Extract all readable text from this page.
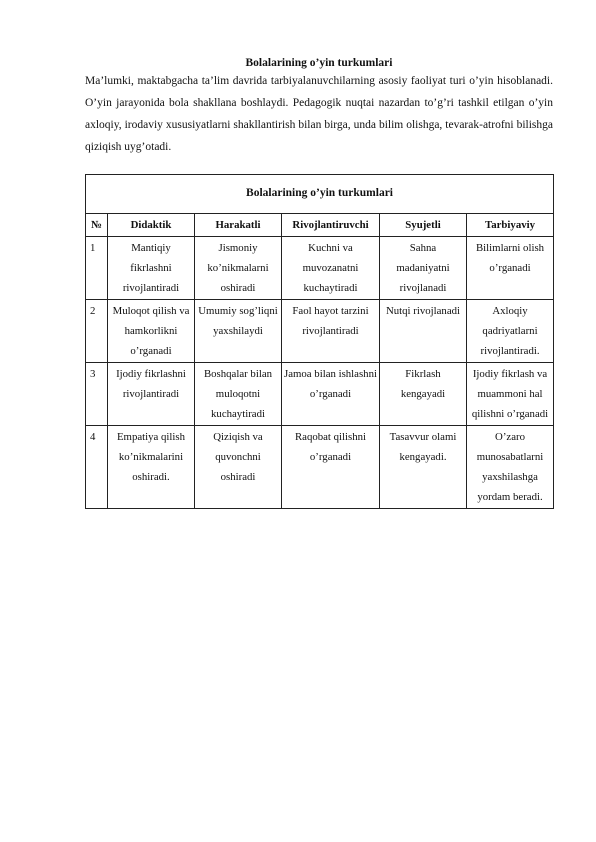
Bolalarining o’yin turkumlari

Ma’lumki, maktabgacha ta’lim davrida tarbiyalanuvchilarning asosiy faoliyat turi o’yin hisoblanadi. O’yin jarayonida bola shakllana boshlaydi. Pedagogik nuqtai nazardan to’g’ri tashkil etilgan o’yin axloqiy, irodaviy xususiyatlarni shakllantirish bilan birga, unda bilim olishga, tevarak-atrofni bilishga qiziqish uyg’otadi.

Bolalarining o’yin turkumlari					
№	Didaktik	Harakatli	Rivojlantiruvchi	Syujetli	Tarbiyaviy
1	Mantiqiy fikrlashni rivojlantiradi	Jismoniy ko’nikmalarni oshiradi	Kuchni va muvozanatni kuchaytiradi	Sahna madaniyatni rivojlanadi	Bilimlarni olish o’rganadi
2	Muloqot qilish va hamkorlikni o’rganadi	Umumiy sog’liqni yaxshilaydi	Faol hayot tarzini rivojlantiradi	Nutqi rivojlanadi	Axloqiy qadriyatlarni rivojlantiradi.
3	Ijodiy fikrlashni rivojlantiradi	Boshqalar bilan muloqotni kuchaytiradi	Jamoa bilan ishlashni o’rganadi	Fikrlash kengayadi	Ijodiy fikrlash va muammoni hal qilishni o’rganadi
4	Empatiya qilish ko’nikmalarini oshiradi.	Qiziqish va quvonchni oshiradi	Raqobat qilishni o’rganadi	Tasavvur olami kengayadi.	O’zaro munosabatlarni yaxshilashga yordam beradi.
